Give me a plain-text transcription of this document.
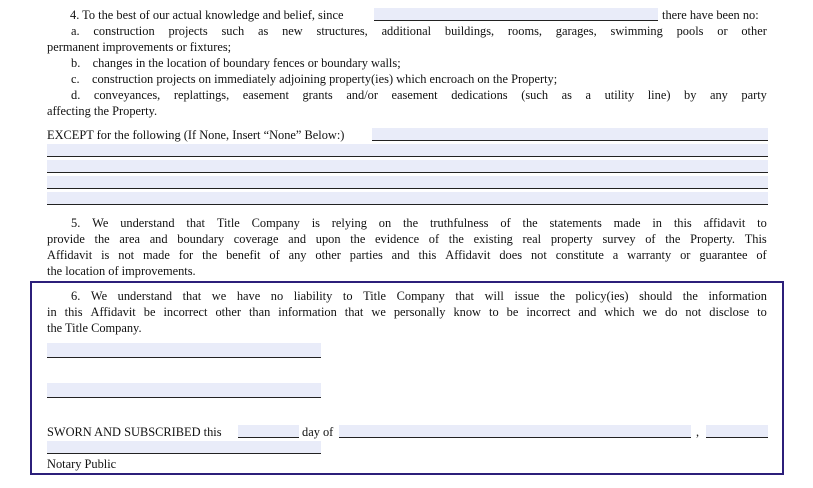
4. To the best of our actual knowledge and belief, since	there have been no:
a. construction projects such as new structures, additional buildings, rooms, garages, swimming pools or other
permanent improvements or fixtures;
b.    changes in the location of boundary fences or boundary walls;
c.    construction projects on immediately adjoining property(ies) which encroach on the Property;
d. conveyances, replattings, easement grants and/or easement dedications (such as a utility line) by any party
affecting the Property.
EXCEPT for the following (If None, Insert “None” Below:)
5. We understand that Title Company is relying on the truthfulness of the statements made in this affidavit to
provide the area and boundary coverage and upon the evidence of the existing real property survey of the Property. This
Affidavit is not made for the benefit of any other parties and this Affidavit does not constitute a warranty or guarantee of
the location of improvements.
6. We understand that we have no liability to Title Company that will issue the policy(ies) should the information
in this Affidavit be incorrect other than information that we personally know to be incorrect and which we do not disclose to
the Title Company.
SWORN AND SUBSCRIBED this	day of	,
Notary Public
